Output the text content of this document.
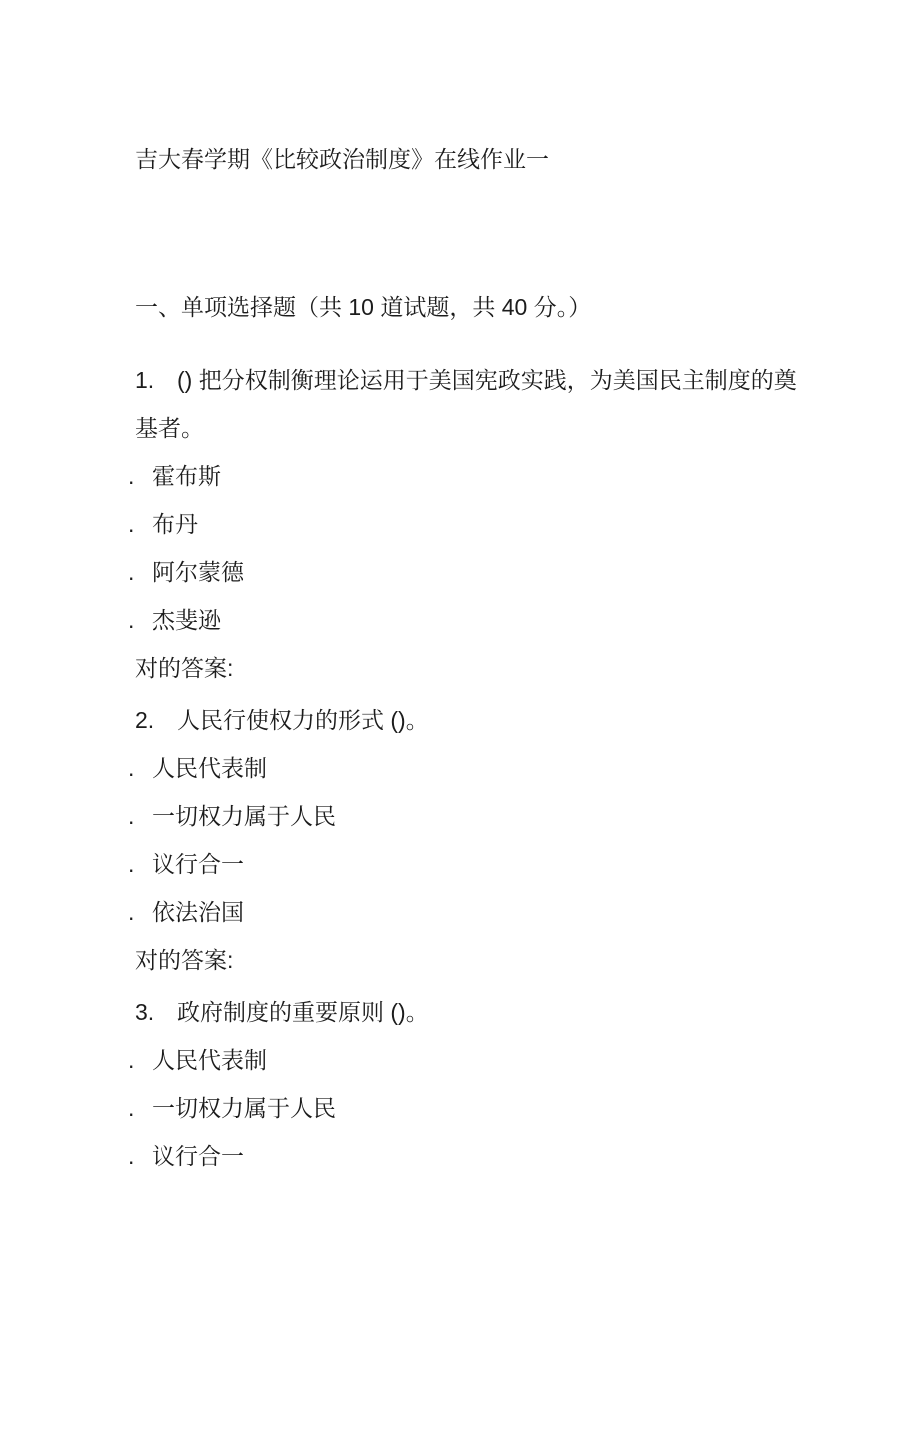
吉大春学期《比较政治制度》在线作业一

一、单项选择题（共 10 道试题，共 40 分。）

1. () 把分权制衡理论运用于美国宪政实践，为美国民主制度的奠基者。

. 霍布斯

. 布丹

. 阿尔蒙德

. 杰斐逊

对的答案:

2. 人民行使权力的形式 ()。

. 人民代表制

. 一切权力属于人民

. 议行合一

. 依法治国

对的答案:

3. 政府制度的重要原则 ()。

. 人民代表制

. 一切权力属于人民

. 议行合一
